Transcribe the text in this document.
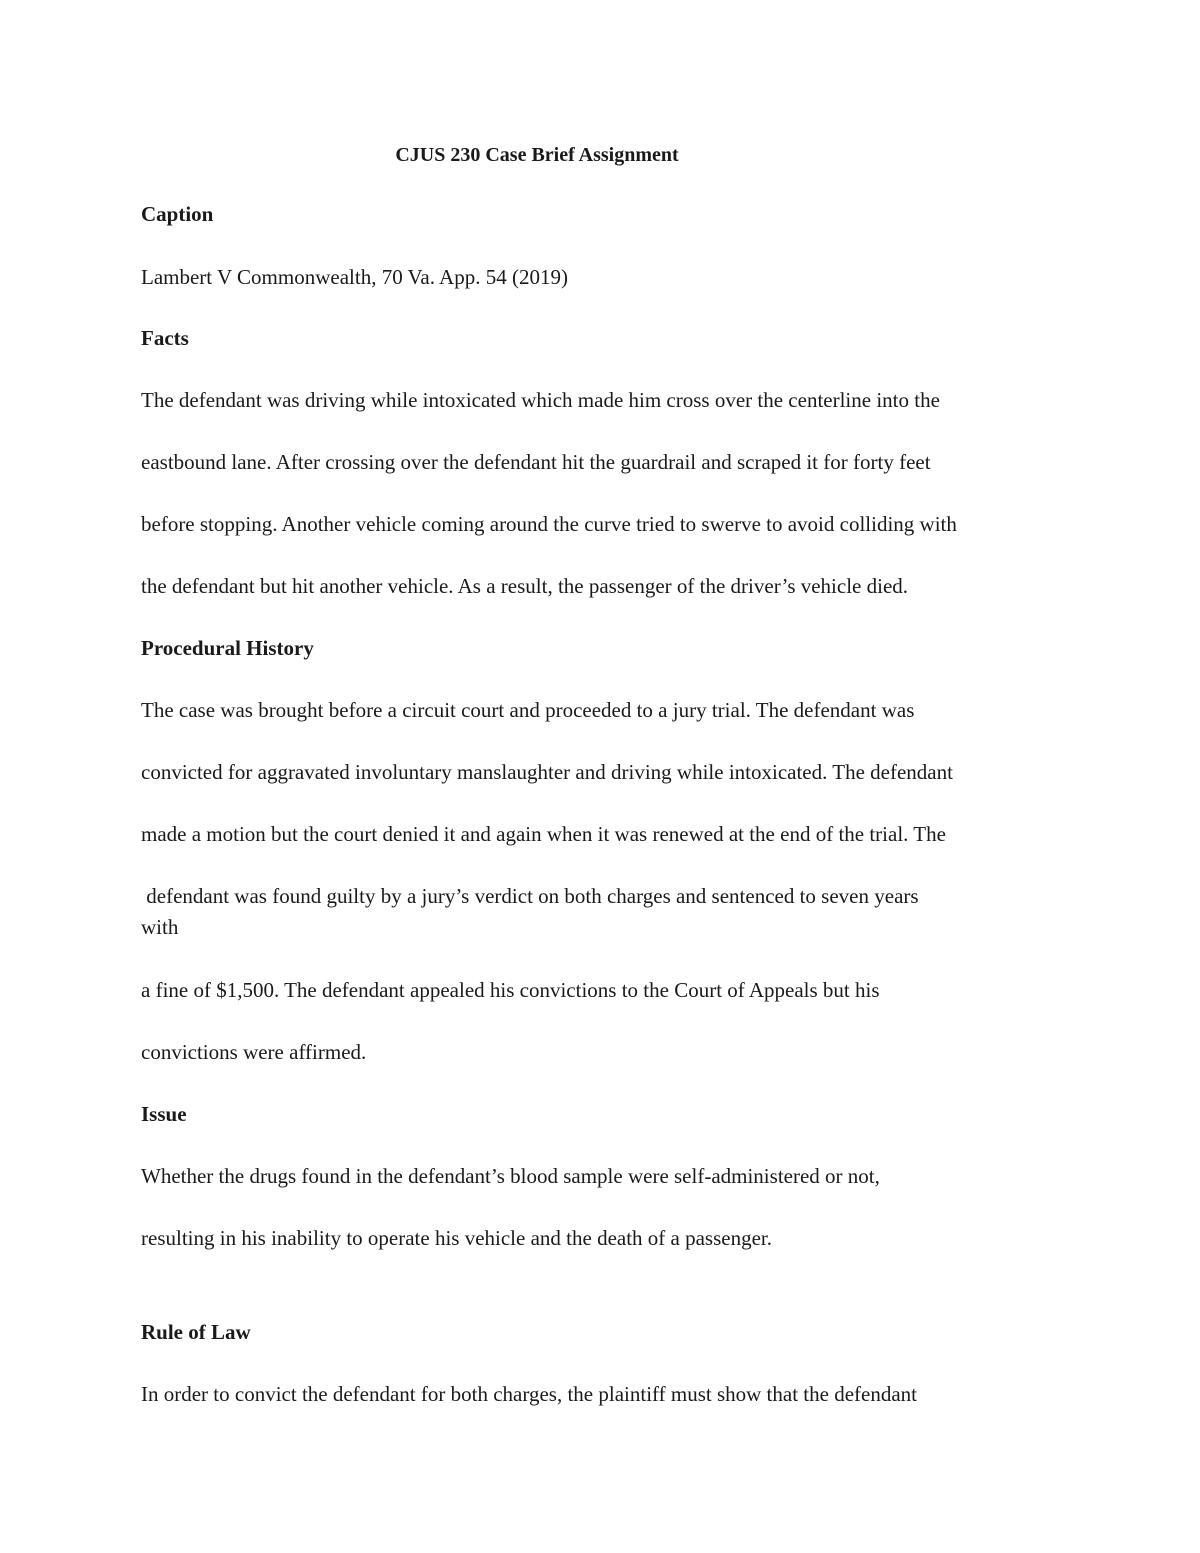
CJUS 230 Case Brief Assignment

Caption

Lambert V Commonwealth, 70 Va. App. 54 (2019)

Facts

The defendant was driving while intoxicated which made him cross over the centerline into the

eastbound lane. After crossing over the defendant hit the guardrail and scraped it for forty feet

before stopping. Another vehicle coming around the curve tried to swerve to avoid colliding with

the defendant but hit another vehicle. As a result, the passenger of the driver’s vehicle died.

Procedural History

The case was brought before a circuit court and proceeded to a jury trial. The defendant was

convicted for aggravated involuntary manslaughter and driving while intoxicated. The defendant

made a motion but the court denied it and again when it was renewed at the end of the trial. The

defendant was found guilty by a jury’s verdict on both charges and sentenced to seven years

with

a fine of $1,500. The defendant appealed his convictions to the Court of Appeals but his

convictions were affirmed.

Issue

Whether the drugs found in the defendant’s blood sample were self-administered or not,

resulting in his inability to operate his vehicle and the death of a passenger.

Rule of Law

In order to convict the defendant for both charges, the plaintiff must show that the defendant
